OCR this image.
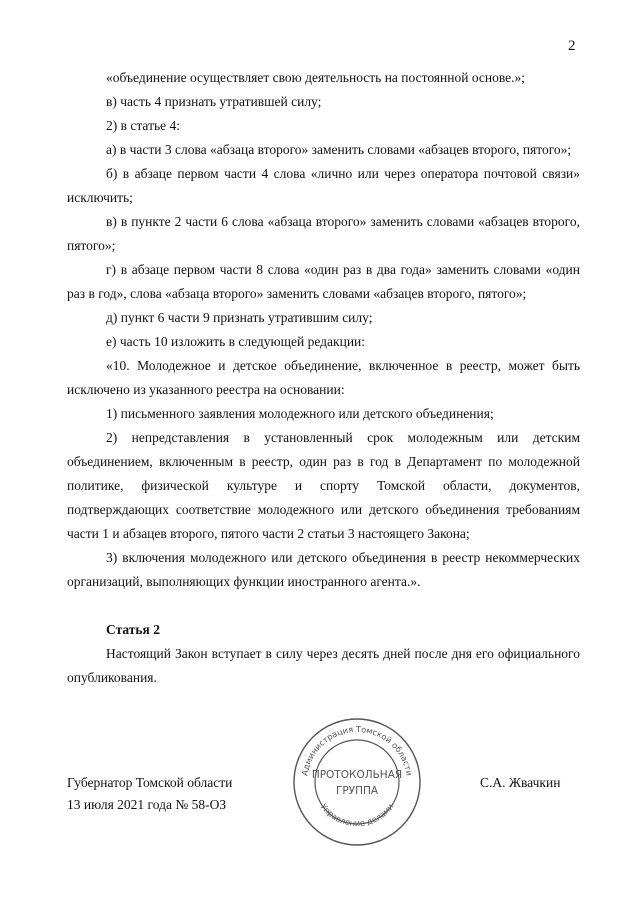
2

«объединение осуществляет свою деятельность на постоянной основе.»;

в) часть 4 признать утратившей силу;

2) в статье 4:

а) в части 3 слова «абзаца второго» заменить словами «абзацев второго, пятого»;

б) в абзаце первом части 4 слова «лично или через оператора почтовой связи» исключить;

в) в пункте 2 части 6 слова «абзаца второго» заменить словами «абзацев второго, пятого»;

г) в абзаце первом части 8 слова «один раз в два года» заменить словами «один раз в год», слова «абзаца второго» заменить словами «абзацев второго, пятого»;

д) пункт 6 части 9 признать утратившим силу;

е) часть 10 изложить в следующей редакции:

«10. Молодежное и детское объединение, включенное в реестр, может быть исключено из указанного реестра на основании:

1) письменного заявления молодежного или детского объединения;

2) непредставления в установленный срок молодежным или детским объединением, включенным в реестр, один раз в год в Департамент по молодежной политике, физической культуре и спорту Томской области, документов, подтверждающих соответствие молодежного или детского объединения требованиям части 1 и абзацев второго, пятого части 2 статьи 3 настоящего Закона;

3) включения молодежного или детского объединения в реестр некоммерческих организаций, выполняющих функции иностранного агента.».

Статья 2

Настоящий Закон вступает в силу через десять дней после дня его официального опубликования.

Губернатор Томской области
13 июля 2021 года № 58-ОЗ
С.А. Жвачкин
Администрация Томской области
Управление делами
ПРОТОКОЛЬНАЯ
ГРУППА
